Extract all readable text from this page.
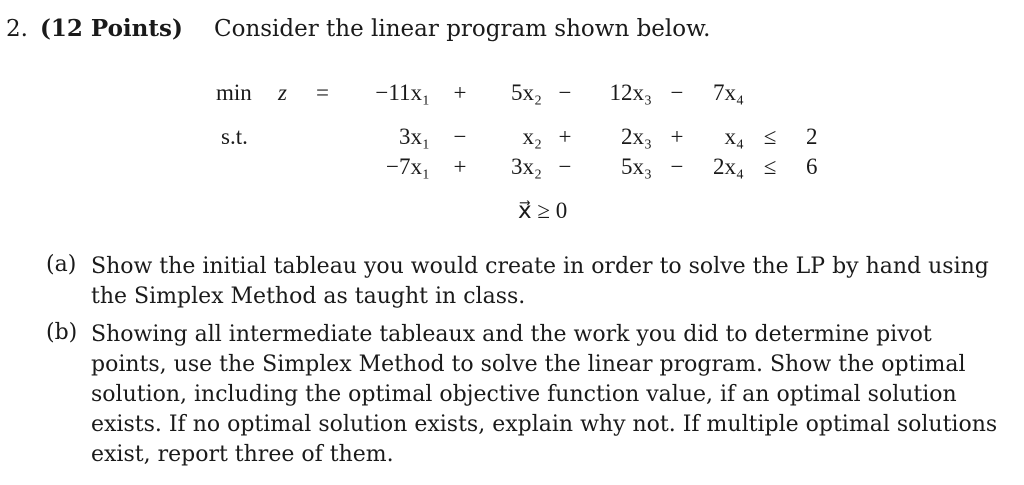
2. (12 Points) Consider the linear program shown below.
min z =	−11x₁	+	5x₂ −	12x₃ −	7x₄
s.t.	3x₁	−	x₂ +	2x₃ +	x₄ ≤	2
−7x₁	+	3x₂ −	5x₃ −	2x₄ ≤	6
x⃗ ≥ 0
(a) Show the initial tableau you would create in order to solve the LP by hand using the Simplex Method as taught in class.
(b) Showing all intermediate tableaux and the work you did to determine pivot points, use the Simplex Method to solve the linear program. Show the optimal solution, including the optimal objective function value, if an optimal solution exists. If no optimal solution exists, explain why not. If multiple optimal solutions exist, report three of them.
